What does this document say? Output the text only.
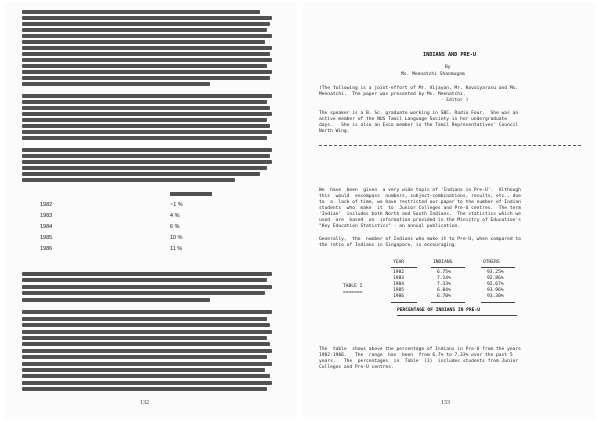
1982	~1 %
1983	4 %
1984	6 %
1985	10 %
1986	11 %
132
INDIANS AND PRE-U
By
Ms. Meenatchi Shanmugam
(The following is a joint-effort of Mr. Vijayan, Mr. Kovaiyarasu and Ms.
Meenatchi.  The paper was presented by Ms. Meenatchi.
- Editor )
The speaker is a B. Sc. graduate working in SBC. Radio Four.  She was an
active member of the NUS Tamil Language Society in her undergraduate
days.   She is also an Exco member in the Tamil Representatives' Council
North Wing.
We  have  been  given  a very wide topic of 'Indians in Pre-U'.  Although
this  would  encompass  numbers, subject-combinations, results, etc., due
to  a  lack of time, we have restricted our paper to the number of Indian
students  who  make  it  to  Junior Colleges and Pre-U centres.  The term
'Indian'  includes both North and South Indians.  The statistics which we
used  are  based  on  information provided in the Ministry of Education's
"Key Education Statistics" - an annual publication.
Generally,  the  number of Indians who make it to Pre-U, when compared to
the ratio of Indians in Singapore, is encouraging.
YEAR	INDIANS	OTHERS
TABLE I
=======
1982	6.75%	93.25%
1983	7.14%	92.86%
1984	7.33%	92.67%
1985	6.04%	93.96%
1986	6.70%	93.30%
PERCENTAGE OF INDIANS IN PRE-U
The  table  shows above the percentage of Indians in Pre-U from the years
1982-1986.   The  range  has  been  from 6.7% to 7.33% over the past 5
years.   The  percentages  in  Table  (1)  includes students from Junior
Colleges and Pre-U centres.
133
